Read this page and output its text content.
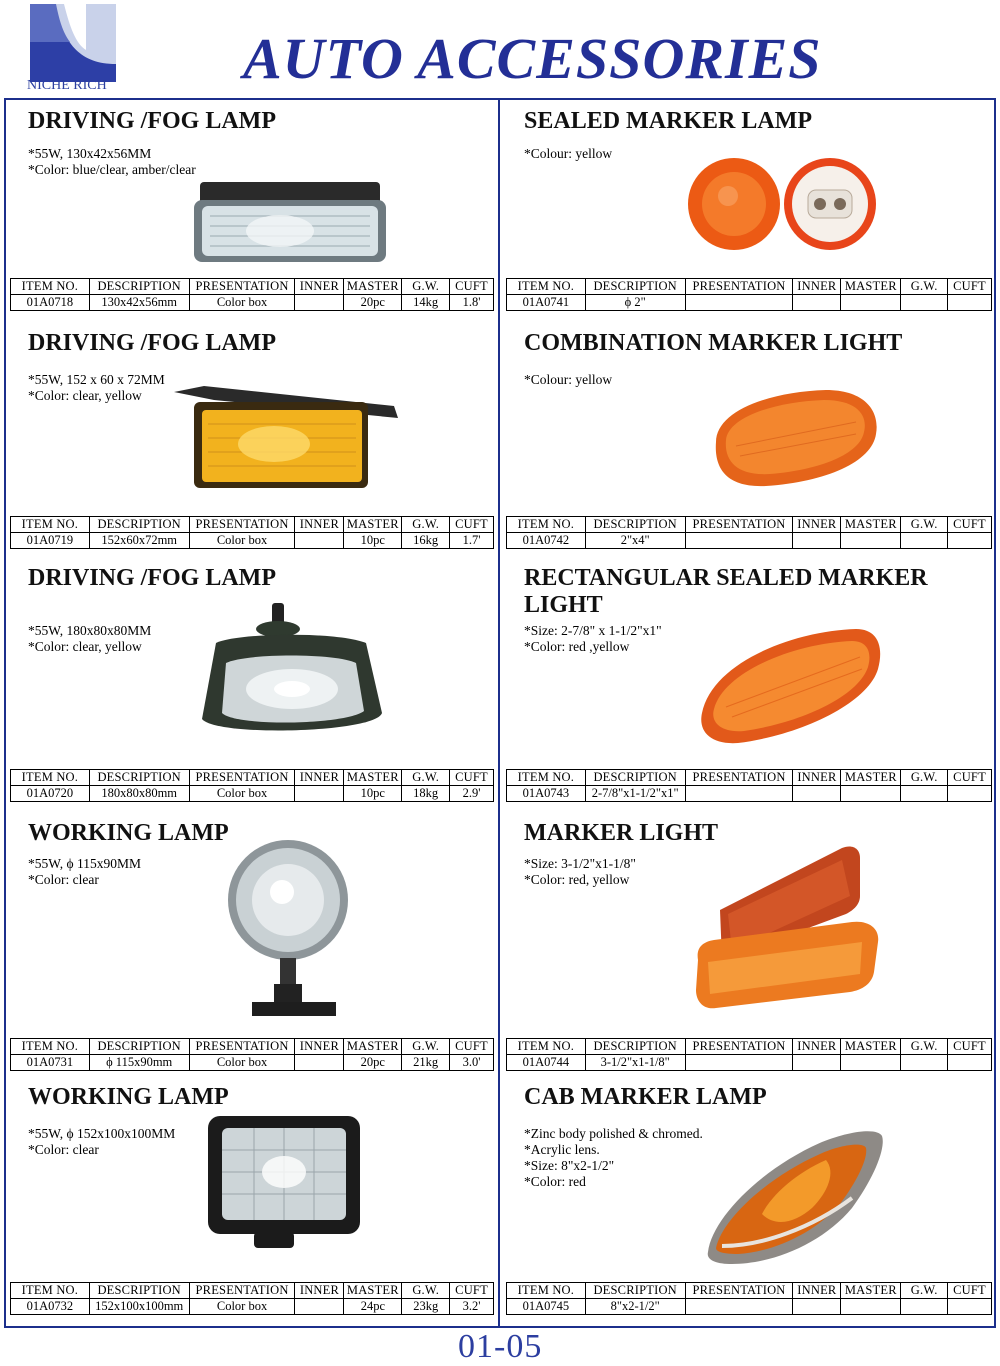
NICHE RICH AUTO ACCESSORIES
DRIVING /FOG LAMP
*55W, 130x42x56MM
*Color: blue/clear, amber/clear
ITEM NO.	DESCRIPTION	PRESENTATION	INNER	MASTER	G.W.	CUFT
01A0718	130x42x56mm	Color box		20pc	14kg	1.8'
DRIVING /FOG LAMP
*55W, 152 x 60 x 72MM
*Color: clear, yellow
ITEM NO.	DESCRIPTION	PRESENTATION	INNER	MASTER	G.W.	CUFT
01A0719	152x60x72mm	Color box		10pc	16kg	1.7'
DRIVING /FOG LAMP
*55W, 180x80x80MM
*Color: clear, yellow
ITEM NO.	DESCRIPTION	PRESENTATION	INNER	MASTER	G.W.	CUFT
01A0720	180x80x80mm	Color box		10pc	18kg	2.9'
WORKING LAMP
*55W, ϕ 115x90MM
*Color: clear
ITEM NO.	DESCRIPTION	PRESENTATION	INNER	MASTER	G.W.	CUFT
01A0731	ϕ 115x90mm	Color box		20pc	21kg	3.0'
WORKING LAMP
*55W, ϕ 152x100x100MM
*Color: clear
ITEM NO.	DESCRIPTION	PRESENTATION	INNER	MASTER	G.W.	CUFT
01A0732	152x100x100mm	Color box		24pc	23kg	3.2'
SEALED MARKER LAMP
*Colour: yellow
ITEM NO.	DESCRIPTION	PRESENTATION	INNER	MASTER	G.W.	CUFT
01A0741	ϕ 2"					
COMBINATION MARKER LIGHT
*Colour: yellow
ITEM NO.	DESCRIPTION	PRESENTATION	INNER	MASTER	G.W.	CUFT
01A0742	2"x4"					
RECTANGULAR SEALED MARKER LIGHT
*Size: 2-7/8" x 1-1/2"x1"
*Color: red ,yellow
ITEM NO.	DESCRIPTION	PRESENTATION	INNER	MASTER	G.W.	CUFT
01A0743	2-7/8"x1-1/2"x1"					
MARKER LIGHT
*Size: 3-1/2"x1-1/8"
*Color: red, yellow
ITEM NO.	DESCRIPTION	PRESENTATION	INNER	MASTER	G.W.	CUFT
01A0744	3-1/2"x1-1/8"					
CAB MARKER LAMP
*Zinc body polished & chromed.
*Acrylic lens.
*Size: 8"x2-1/2"
*Color: red
ITEM NO.	DESCRIPTION	PRESENTATION	INNER	MASTER	G.W.	CUFT
01A0745	8"x2-1/2"					
01-05
